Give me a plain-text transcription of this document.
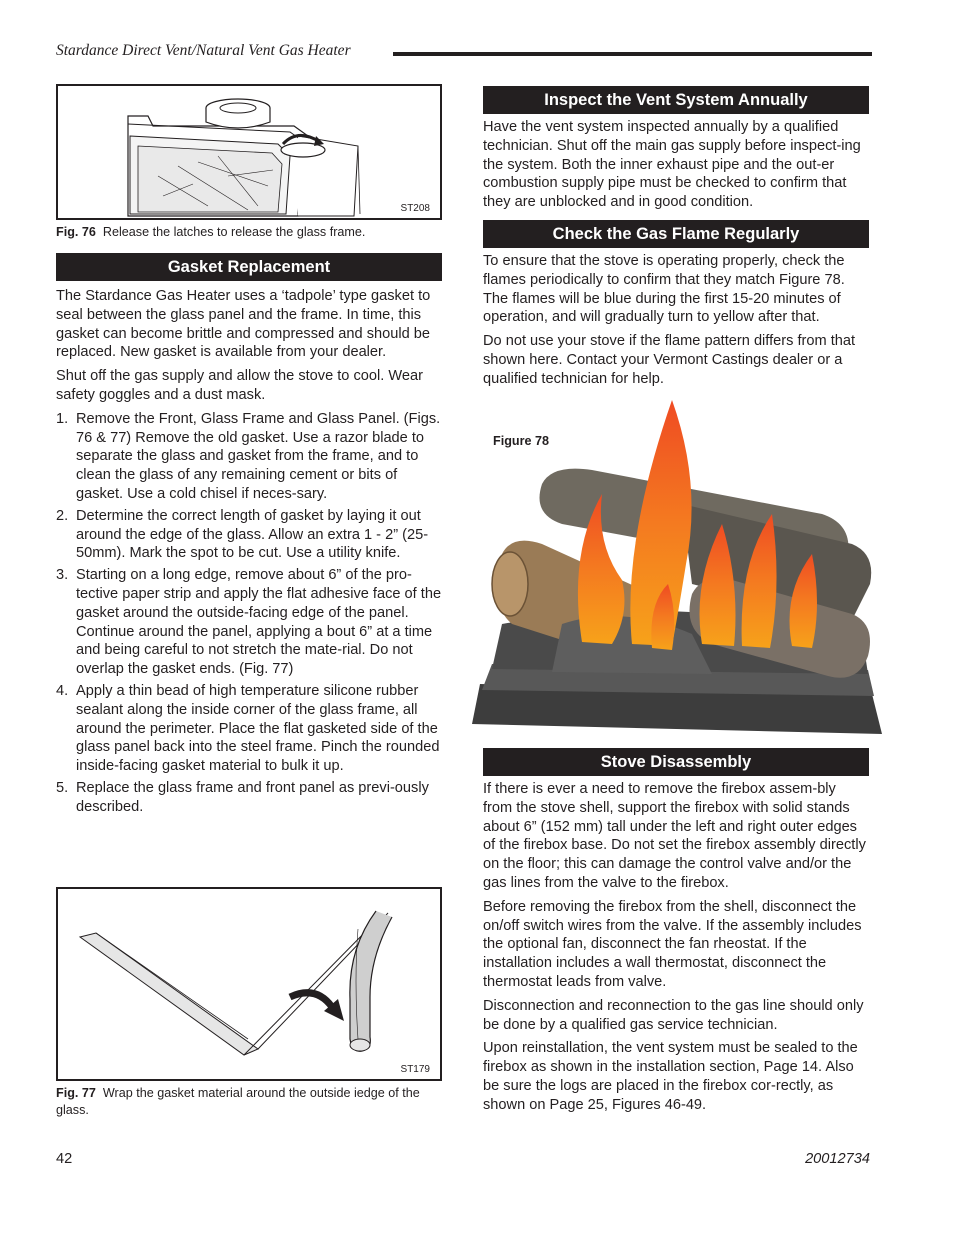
Stardance Direct Vent/Natural Vent Gas Heater
ST208
Fig. 76 Release the latches to release the glass frame.
Gasket Replacement

The Stardance Gas Heater uses a ‘tadpole’ type gasket to seal between the glass panel and the frame. In time, this gasket can become brittle and compressed and should be replaced. New gasket is available from your dealer.

Shut off the gas supply and allow the stove to cool. Wear safety goggles and a dust mask.

1. Remove the Front, Glass Frame and Glass Panel. (Figs. 76 & 77) Remove the old gasket. Use a razor blade to separate the glass and gasket from the frame, and to clean the glass of any remaining cement or bits of gasket. Use a cold chisel if neces-sary.
2. Determine the correct length of gasket by laying it out around the edge of the glass. Allow an extra 1 - 2” (25-50mm). Mark the spot to be cut. Use a utility knife.
3. Starting on a long edge, remove about 6” of the pro-tective paper strip and apply the flat adhesive face of the gasket around the outside-facing edge of the panel. Continue around the panel, applying a bout 6” at a time and being careful to not stretch the mate-rial. Do not overlap the gasket ends. (Fig. 77)
4. Apply a thin bead of high temperature silicone rubber sealant along the inside corner of the glass frame, all around the perimeter. Place the flat gasketed side of the glass panel back into the steel frame. Pinch the rounded inside-facing gasket material to bulk it up.
5. Replace the glass frame and front panel as previ-ously described.
ST179
Fig. 77 Wrap the gasket material around the outside iedge of the glass.
Inspect the Vent System Annually

Have the vent system inspected annually by a qualified technician. Shut off the main gas supply before inspect-ing the system. Both the inner exhaust pipe and the out-er combustion supply pipe must be checked to confirm that they are unblocked and in good condition.

Check the Gas Flame Regularly

To ensure that the stove is operating properly, check the flames periodically to confirm that they match Figure 78. The flames will be blue during the first 15-20 minutes of operation, and will gradually turn to yellow after that.

Do not use your stove if the flame pattern differs from that shown here. Contact your Vermont Castings dealer or a qualified technician for help.

Figure 78
Stove Disassembly

If there is ever a need to remove the firebox assem-bly from the stove shell, support the firebox with solid stands about 6” (152 mm) tall under the left and right outer edges of the firebox base. Do not set the firebox assembly directly on the floor; this can damage the control valve and/or the gas lines from the valve to the firebox.

Before removing the firebox from the shell, disconnect the on/off switch wires from the valve. If the assembly includes the optional fan, disconnect the fan rheostat. If the installation includes a wall thermostat, disconnect the thermostat leads from valve.

Disconnection and reconnection to the gas line should only be done by a qualified gas service technician.

Upon reinstallation, the vent system must be sealed to the firebox as shown in the installation section, Page 14. Also be sure the logs are placed in the firebox cor-rectly, as shown on Page 25, Figures 46-49.

42	20012734
